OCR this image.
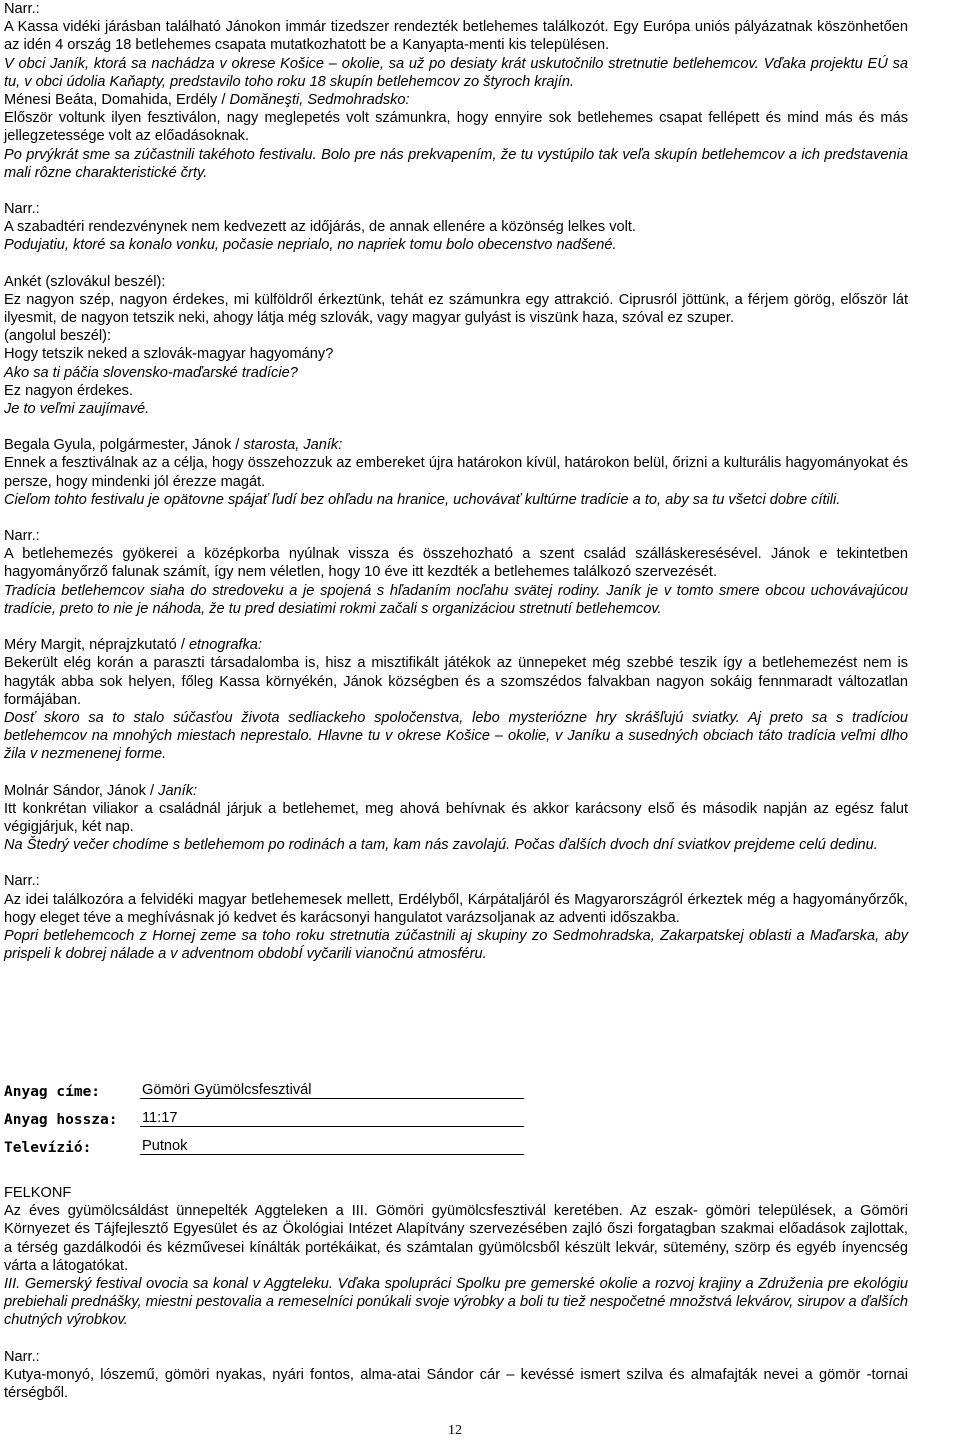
Narr.:

A Kassa vidéki járásban található Jánokon immár tizedszer rendezték betlehemes találkozót. Egy Európa uniós pályázatnak köszönhetően az idén 4 ország 18 betlehemes csapata mutatkozhatott be a Kanyapta-menti kis településen.

V obci Janík, ktorá sa nachádza v okrese Košice – okolie, sa už po desiaty krát uskutočnilo stretnutie betlehemcov. Vďaka projektu EÚ sa tu, v obci údolia Kaňapty, predstavilo toho roku 18 skupín betlehemcov zo štyroch krajín.

Ménesi Beáta, Domahida, Erdély / Domăneşti, Sedmohradsko:

Először voltunk ilyen fesztiválon, nagy meglepetés volt számunkra, hogy ennyire sok betlehemes csapat fellépett és mind más és más jellegzetessége volt az előadásoknak.

Po prvýkrát sme sa zúčastnili takéhoto festivalu. Bolo pre nás prekvapením, že tu vystúpilo tak veľa skupín betlehemcov a ich predstavenia mali rôzne charakteristické črty.

Narr.:

A szabadtéri rendezvénynek nem kedvezett az időjárás, de annak ellenére a közönség lelkes volt.

Podujatiu, ktoré sa konalo vonku, počasie neprialo, no napriek tomu bolo obecenstvo nadšené.

Ankét (szlovákul beszél):

Ez nagyon szép, nagyon érdekes, mi külföldről érkeztünk, tehát ez számunkra egy attrakció. Ciprusról jöttünk, a férjem görög, először lát ilyesmit, de nagyon tetszik neki, ahogy látja még szlovák, vagy magyar gulyást is viszünk haza, szóval ez szuper.

(angolul beszél):

Hogy tetszik neked a szlovák-magyar hagyomány?

Ako sa ti páčia slovensko-maďarské tradície?

Ez nagyon érdekes.

Je to veľmi zaujímavé.

Begala Gyula, polgármester, Jánok / starosta, Janík:

Ennek a fesztiválnak az a célja, hogy összehozzuk az embereket újra határokon kívül, határokon belül, őrizni a kulturális hagyományokat és persze, hogy mindenki jól érezze magát.

Cieľom tohto festivalu je opätovne spájať ľudí bez ohľadu na hranice, uchovávať kultúrne tradície a to, aby sa tu všetci dobre cítili.

Narr.:

A betlehemezés gyökerei a középkorba nyúlnak vissza és összehozható a szent család szálláskeresésével. Jánok e tekintetben hagyományőrző falunak számít, így nem véletlen, hogy 10 éve itt kezdték a betlehemes találkozó szervezését.

Tradícia betlehemcov siaha do stredoveku a je spojená s hľadaním nocľahu svätej rodiny. Janík je v tomto smere obcou uchovávajúcou tradície, preto to nie je náhoda, že tu pred desiatimi rokmi začali s organizáciou stretnutí betlehemcov.

Méry Margit, néprajzkutató / etnografka:

Bekerült elég korán a paraszti társadalomba is, hisz a misztifikált játékok az ünnepeket még szebbé teszik így a betlehemezést nem is hagyták abba sok helyen, főleg Kassa környékén, Jánok községben és a szomszédos falvakban nagyon sokáig fennmaradt változatlan formájában.

Dosť skoro sa to stalo súčasťou života sedliackeho spoločenstva, lebo mysteriózne hry skrášľujú sviatky. Aj preto sa s tradíciou betlehemcov na mnohých miestach neprestalo. Hlavne tu v okrese Košice – okolie, v Janíku a susedných obciach táto tradícia veľmi dlho žila v nezmenenej forme.

Molnár Sándor, Jánok / Janík:

Itt konkrétan viliakor a családnál járjuk a betlehemet, meg ahová behívnak és akkor karácsony első és második napján az egész falut végigjárjuk, két nap.

Na Štedrý večer chodíme s betlehemom po rodinách a tam, kam nás zavolajú. Počas ďalších dvoch dní sviatkov prejdeme celú dedinu.

Narr.:

Az idei találkozóra a felvidéki magyar betlehemesek mellett, Erdélyből, Kárpátaljáról és Magyarországról érkeztek még a hagyományőrzők, hogy eleget téve a meghívásnak jó kedvet és karácsonyi hangulatot varázsoljanak az adventi időszakba.

Popri betlehemcoch z Hornej zeme sa toho roku stretnutia zúčastnili aj skupiny zo Sedmohradska, Zakarpatskej oblasti a Maďarska, aby prispeli k dobrej nálade a v adventnom obdobÍ vyčarili vianočnú atmosféru.

Anyag címe:	Gömöri Gyümölcsfesztivál
Anyag hossza: 11:17
Televízió:	Putnok

FELKONF

Az éves gyümölcsáldást ünnepelték Aggteleken a III. Gömöri gyümölcsfesztivál keretében. Az eszak- gömöri települések, a Gömöri Környezet és Tájfejlesztő Egyesület és az Ökológiai Intézet Alapítvány szervezésében zajló őszi forgatagban szakmai előadások zajlottak, a térség gazdálkodói és kézművesei kínálták portékáikat, és számtalan gyümölcsből készült lekvár, sütemény, szörp és egyéb ínyencség várta a látogatókat.

III. Gemerský festival ovocia sa konal v Aggteleku. Vďaka spolupráci Spolku pre gemerské okolie a rozvoj krajiny a Združenia pre ekológiu prebiehali prednášky, miestni pestovalia a remeselníci ponúkali svoje výrobky a boli tu tiež nespočetné množstvá lekvárov, sirupov a ďalších chutných výrobkov.

Narr.:

Kutya-monyó, lószemű, gömöri nyakas, nyári fontos, alma-atai Sándor cár – kevéssé ismert szilva és almafajták nevei a gömör -tornai térségből.

12
